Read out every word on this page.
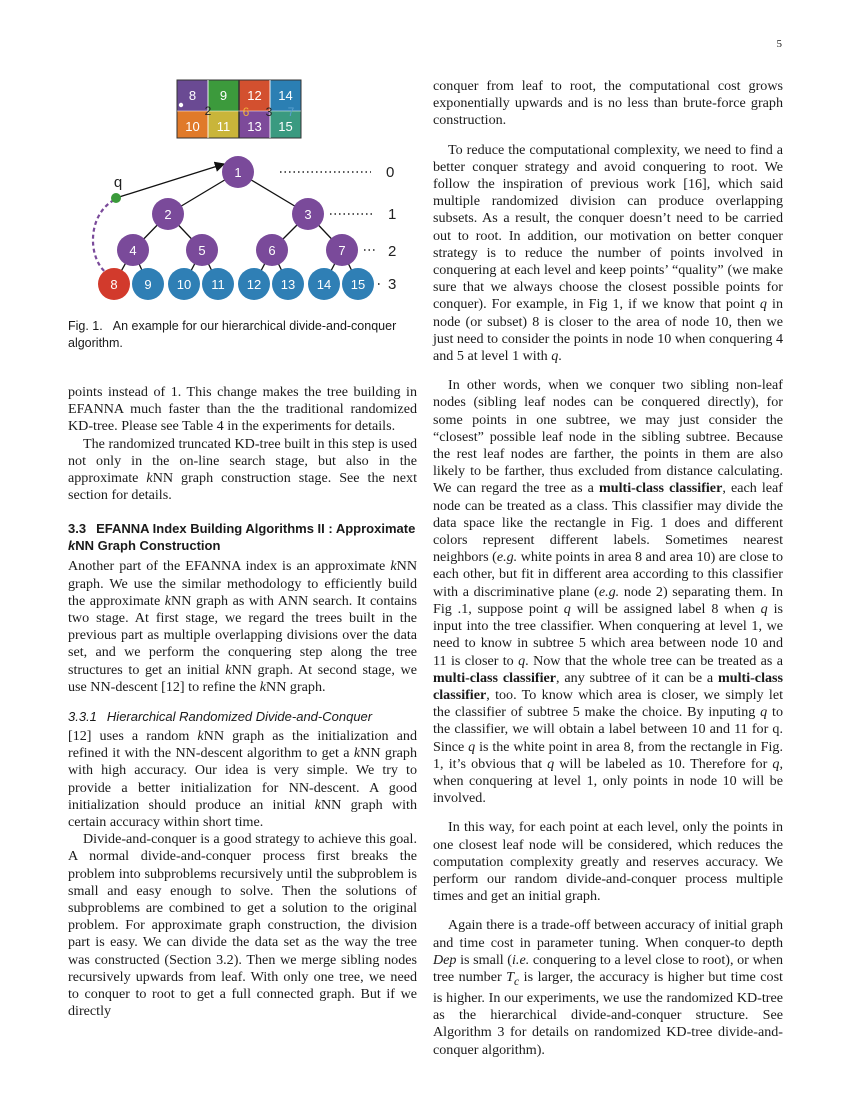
5
8 9 12 14
10 11 13 15
2	6 3 7
q
1
2	3
4	5	6	7
8 9 10 11 12 13 14 15
0
1
2
3
Fig. 1. An example for our hierarchical divide-and-conquer algorithm.

points instead of 1. This change makes the tree building in EFANNA much faster than the the traditional randomized KD-tree. Please see Table 4 in the experiments for details.

The randomized truncated KD-tree built in this step is used not only in the on-line search stage, but also in the approximate kNN graph construction stage. See the next section for details.

3.3 EFANNA Index Building Algorithms II : Approximate kNN Graph Construction

Another part of the EFANNA index is an approximate kNN graph. We use the similar methodology to efficiently build the approximate kNN graph as with ANN search. It contains two stage. At first stage, we regard the trees built in the previous part as multiple overlapping divisions over the data set, and we perform the conquering step along the tree structures to get an initial kNN graph. At second stage, we use NN-descent [12] to refine the kNN graph.

3.3.1 Hierarchical Randomized Divide-and-Conquer

[12] uses a random kNN graph as the initialization and refined it with the NN-descent algorithm to get a kNN graph with high accuracy. Our idea is very simple. We try to provide a better initialization for NN-descent. A good initialization should produce an initial kNN graph with certain accuracy within short time.

Divide-and-conquer is a good strategy to achieve this goal. A normal divide-and-conquer process first breaks the problem into subproblems recursively until the subproblem is small and easy enough to solve. Then the solutions of subproblems are combined to get a solution to the original problem. For approximate graph construction, the division part is easy. We can divide the data set as the way the tree was constructed (Section 3.2). Then we merge sibling nodes recursively upwards from leaf. With only one tree, we need to conquer to root to get a full connected graph. But if we directly

conquer from leaf to root, the computational cost grows exponentially upwards and is no less than brute-force graph construction.

To reduce the computational complexity, we need to find a better conquer strategy and avoid conquering to root. We follow the inspiration of previous work [16], which said multiple randomized division can produce overlapping subsets. As a result, the conquer doesn’t need to be carried out to root. In addition, our motivation on better conquer strategy is to reduce the number of points involved in conquering at each level and keep points’ “quality” (we make sure that we always choose the closest possible points for conquer). For example, in Fig 1, if we know that point q in node (or subset) 8 is closer to the area of node 10, then we just need to consider the points in node 10 when conquering 4 and 5 at level 1 with q.

In other words, when we conquer two sibling non-leaf nodes (sibling leaf nodes can be conquered directly), for some points in one subtree, we may just consider the “closest” possible leaf node in the sibling subtree. Because the rest leaf nodes are farther, the points in them are also likely to be farther, thus excluded from distance calculating. We can regard the tree as a multi-class classifier, each leaf node can be treated as a class. This classifier may divide the data space like the rectangle in Fig. 1 does and different colors represent different labels. Sometimes nearest neighbors (e.g. white points in area 8 and area 10) are close to each other, but fit in different area according to this classifier with a discriminative plane (e.g. node 2) separating them. In Fig .1, suppose point q will be assigned label 8 when q is input into the tree classifier. When conquering at level 1, we need to know in subtree 5 which area between node 10 and 11 is closer to q. Now that the whole tree can be treated as a multi-class classifier, any subtree of it can be a multi-class classifier, too. To know which area is closer, we simply let the classifier of subtree 5 make the choice. By inputing q to the classifier, we will obtain a label between 10 and 11 for q. Since q is the white point in area 8, from the rectangle in Fig. 1, it’s obvious that q will be labeled as 10. Therefore for q, when conquering at level 1, only points in node 10 will be involved.

In this way, for each point at each level, only the points in one closest leaf node will be considered, which reduces the computation complexity greatly and reserves accuracy. We perform our random divide-and-conquer process multiple times and get an initial graph.

Again there is a trade-off between accuracy of initial graph and time cost in parameter tuning. When conquer-to depth Dep is small (i.e. conquering to a level close to root), or when tree number $T_c$ is larger, the accuracy is higher but time cost is higher. In our experiments, we use the randomized KD-tree as the hierarchical divide-and-conquer structure. See Algorithm 3 for details on randomized KD-tree divide-and-conquer algorithm).
